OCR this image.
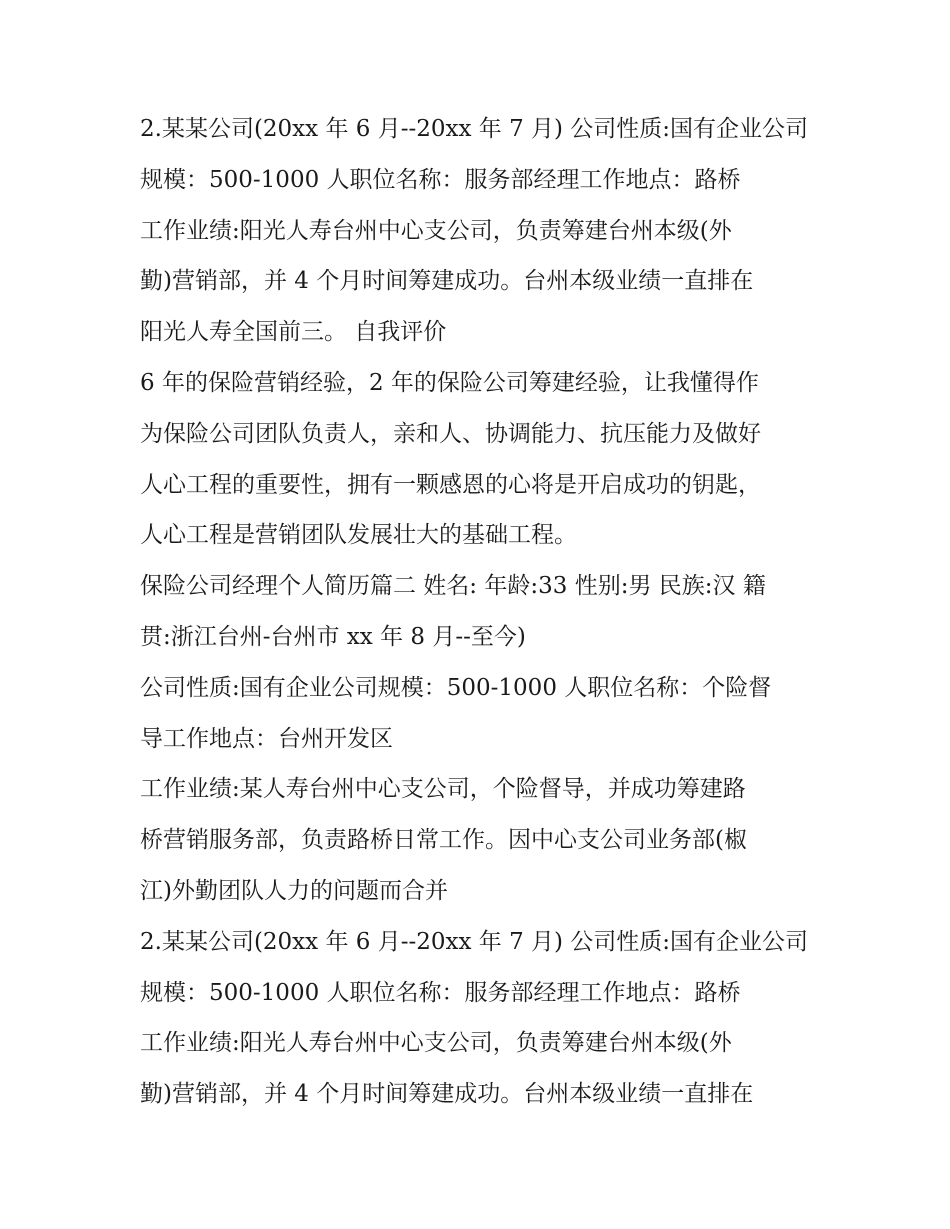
2.某某公司(20xx 年 6 月--20xx 年 7 月) 公司性质:国有企业公司
规模：500-1000 人职位名称：服务部经理工作地点：路桥
工作业绩:阳光人寿台州中心支公司，负责筹建台州本级(外
勤)营销部，并 4 个月时间筹建成功。台州本级业绩一直排在
阳光人寿全国前三。 自我评价
6 年的保险营销经验，2 年的保险公司筹建经验，让我懂得作
为保险公司团队负责人，亲和人、协调能力、抗压能力及做好
人心工程的重要性，拥有一颗感恩的心将是开启成功的钥匙，
人心工程是营销团队发展壮大的基础工程。
保险公司经理个人简历篇二 姓名: 年龄:33 性别:男 民族:汉 籍
贯:浙江台州-台州市 xx 年 8 月--至今)
公司性质:国有企业公司规模：500-1000 人职位名称：个险督
导工作地点：台州开发区
工作业绩:某人寿台州中心支公司，个险督导，并成功筹建路
桥营销服务部，负责路桥日常工作。因中心支公司业务部(椒
江)外勤团队人力的问题而合并
2.某某公司(20xx 年 6 月--20xx 年 7 月) 公司性质:国有企业公司
规模：500-1000 人职位名称：服务部经理工作地点：路桥
工作业绩:阳光人寿台州中心支公司，负责筹建台州本级(外
勤)营销部，并 4 个月时间筹建成功。台州本级业绩一直排在
